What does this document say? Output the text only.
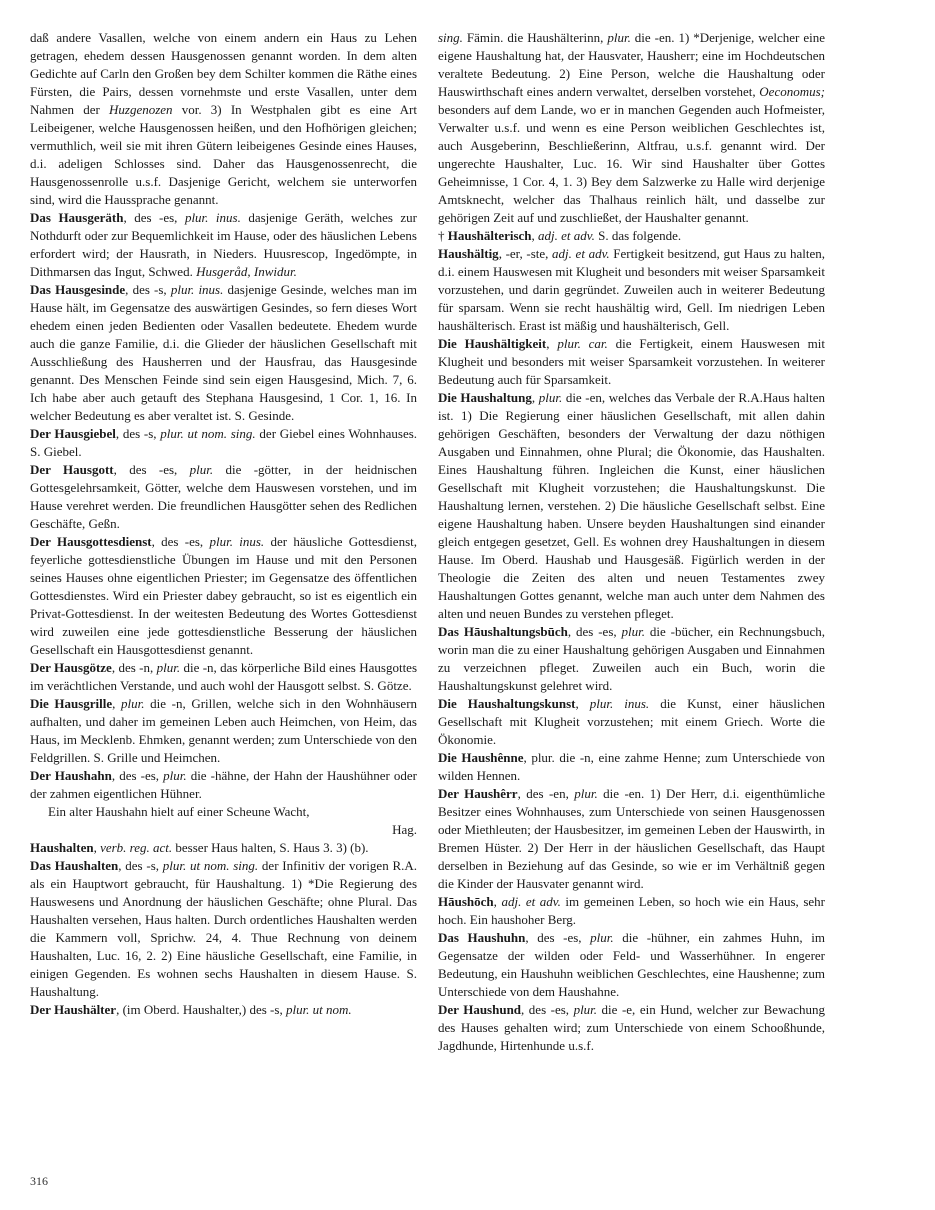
daß andere Vasallen, welche von einem andern ein Haus zu Lehen getragen, ehedem dessen Hausgenossen genannt worden. In dem alten Gedichte auf Carln den Großen bey dem Schilter kommen die Räthe eines Fürsten, die Pairs, dessen vornehmste und erste Vasallen, unter dem Nahmen der Huzgenozen vor. 3) In Westphalen gibt es eine Art Leibeigener, welche Hausgenossen heißen, und den Hofhörigen gleichen; vermuthlich, weil sie mit ihren Gütern leibeigenes Gesinde eines Hauses, d.i. adeligen Schlosses sind. Daher das Hausgenossenrecht, die Hausgenossenrolle u.s.f. Dasjenige Gericht, welchem sie unterworfen sind, wird die Haussprache genannt.

Das Hausgeräth, des -es, plur. inus. dasjenige Geräth, welches zur Nothdurft oder zur Bequemlichkeit im Hause, oder des häuslichen Lebens erfordert wird; der Hausrath, in Nieders. Huusrescop, Ingedömpte, in Dithmarsen das Ingut, Schwed. Husgeråd, Inwidur.

Das Hausgesinde, des -s, plur. inus. dasjenige Gesinde, welches man im Hause hält, im Gegensatze des auswärtigen Gesindes, so fern dieses Wort ehedem einen jeden Bedienten oder Vasallen bedeutete. Ehedem wurde auch die ganze Familie, d.i. die Glieder der häuslichen Gesellschaft mit Ausschließung des Hausherren und der Hausfrau, das Hausgesinde genannt. Des Menschen Feinde sind sein eigen Hausgesind, Mich. 7, 6. Ich habe aber auch getauft des Stephana Hausgesind, 1 Cor. 1, 16. In welcher Bedeutung es aber veraltet ist. S. Gesinde.

Der Hausgiebel, des -s, plur. ut nom. sing. der Giebel eines Wohnhauses. S. Giebel.

Der Hausgott, des -es, plur. die -götter, in der heidnischen Gottesgelehrsamkeit, Götter, welche dem Hauswesen vorstehen, und im Hause verehret werden. Die freundlichen Hausgötter sehen des Redlichen Geschäfte, Geßn.

Der Hausgottesdienst, des -es, plur. inus. der häusliche Gottesdienst, feyerliche gottesdienstliche Übungen im Hause und mit den Personen seines Hauses ohne eigentlichen Priester; im Gegensatze des öffentlichen Gottesdienstes. Wird ein Priester dabey gebraucht, so ist es eigentlich ein Privat-Gottesdienst. In der weitesten Bedeutung des Wortes Gottesdienst wird zuweilen eine jede gottesdienstliche Besserung der häuslichen Gesellschaft ein Hausgottesdienst genannt.

Der Hausgötze, des -n, plur. die -n, das körperliche Bild eines Hausgottes im verächtlichen Verstande, und auch wohl der Hausgott selbst. S. Götze.

Die Hausgrille, plur. die -n, Grillen, welche sich in den Wohnhäusern aufhalten, und daher im gemeinen Leben auch Heimchen, von Heim, das Haus, im Mecklenb. Ehmken, genannt werden; zum Unterschiede von den Feldgrillen. S. Grille und Heimchen.

Der Haushahn, des -es, plur. die -hähne, der Hahn der Haushühner oder der zahmen eigentlichen Hühner.

Ein alter Haushahn hielt auf einer Scheune Wacht,

Hag.

Haushalten, verb. reg. act. besser Haus halten, S. Haus 3. 3) (b).

Das Haushalten, des -s, plur. ut nom. sing. der Infinitiv der vorigen R.A. als ein Hauptwort gebraucht, für Haushaltung. 1) *Die Regierung des Hauswesens und Anordnung der häuslichen Geschäfte; ohne Plural. Das Haushalten versehen, Haus halten. Durch ordentliches Haushalten werden die Kammern voll, Sprichw. 24, 4. Thue Rechnung von deinem Haushalten, Luc. 16, 2. 2) Eine häusliche Gesellschaft, eine Familie, in einigen Gegenden. Es wohnen sechs Haushalten in diesem Hause. S. Haushaltung.

Der Haushälter, (im Oberd. Haushalter,) des -s, plur. ut nom.

sing. Fämin. die Haushälterinn, plur. die -en. 1) *Derjenige, welcher eine eigene Haushaltung hat, der Hausvater, Hausherr; eine im Hochdeutschen veraltete Bedeutung. 2) Eine Person, welche die Haushaltung oder Hauswirthschaft eines andern verwaltet, derselben vorstehet, Oeconomus; besonders auf dem Lande, wo er in manchen Gegenden auch Hofmeister, Verwalter u.s.f. und wenn es eine Person weiblichen Geschlechtes ist, auch Ausgeberinn, Beschließerinn, Altfrau, u.s.f. genannt wird. Der ungerechte Haushalter, Luc. 16. Wir sind Haushalter über Gottes Geheimnisse, 1 Cor. 4, 1. 3) Bey dem Salzwerke zu Halle wird derjenige Amtsknecht, welcher das Thalhaus reinlich hält, und dasselbe zur gehörigen Zeit auf und zuschließet, der Haushalter genannt.

† Haushälterisch, adj. et adv. S. das folgende.

Haushältig, -er, -ste, adj. et adv. Fertigkeit besitzend, gut Haus zu halten, d.i. einem Hauswesen mit Klugheit und besonders mit weiser Sparsamkeit vorzustehen, und darin gegründet. Zuweilen auch in weiterer Bedeutung für sparsam. Wenn sie recht haushältig wird, Gell. Im niedrigen Leben haushälterisch. Erast ist mäßig und haushälterisch, Gell.

Die Haushältigkeit, plur. car. die Fertigkeit, einem Hauswesen mit Klugheit und besonders mit weiser Sparsamkeit vorzustehen. In weiterer Bedeutung auch für Sparsamkeit.

Die Haushaltung, plur. die -en, welches das Verbale der R.A.Haus halten ist. 1) Die Regierung einer häuslichen Gesellschaft, mit allen dahin gehörigen Geschäften, besonders der Verwaltung der dazu nöthigen Ausgaben und Einnahmen, ohne Plural; die Ökonomie, das Haushalten. Eines Haushaltung führen. Ingleichen die Kunst, einer häuslichen Gesellschaft mit Klugheit vorzustehen; die Haushaltungskunst. Die Haushaltung lernen, verstehen. 2) Die häusliche Gesellschaft selbst. Eine eigene Haushaltung haben. Unsere beyden Haushaltungen sind einander gleich entgegen gesetzet, Gell. Es wohnen drey Haushaltungen in diesem Hause. Im Oberd. Haushab und Hausgesäß. Figürlich werden in der Theologie die Zeiten des alten und neuen Testamentes zwey Haushaltungen Gottes genannt, welche man auch unter dem Nahmen des alten und neuen Bundes zu verstehen pfleget.

Das Hāushaltungsbūch, des -es, plur. die -bücher, ein Rechnungsbuch, worin man die zu einer Haushaltung gehörigen Ausgaben und Einnahmen zu verzeichnen pfleget. Zuweilen auch ein Buch, worin die Haushaltungskunst gelehret wird.

Die Haushaltungskunst, plur. inus. die Kunst, einer häuslichen Gesellschaft mit Klugheit vorzustehen; mit einem Griech. Worte die Ökonomie.

Die Haushênne, plur. die -n, eine zahme Henne; zum Unterschiede von wilden Hennen.

Der Haushêrr, des -en, plur. die -en. 1) Der Herr, d.i. eigenthümliche Besitzer eines Wohnhauses, zum Unterschiede von seinen Hausgenossen oder Miethleuten; der Hausbesitzer, im gemeinen Leben der Hauswirth, in Bremen Hüster. 2) Der Herr in der häuslichen Gesellschaft, das Haupt derselben in Beziehung auf das Gesinde, so wie er im Verhältniß gegen die Kinder der Hausvater genannt wird.

Hāushōch, adj. et adv. im gemeinen Leben, so hoch wie ein Haus, sehr hoch. Ein haushoher Berg.

Das Haushuhn, des -es, plur. die -hühner, ein zahmes Huhn, im Gegensatze der wilden oder Feld- und Wasserhühner. In engerer Bedeutung, ein Haushuhn weiblichen Geschlechtes, eine Haushenne; zum Unterschiede von dem Haushahne.

Der Haushund, des -es, plur. die -e, ein Hund, welcher zur Bewachung des Hauses gehalten wird; zum Unterschiede von einem Schooßhunde, Jagdhunde, Hirtenhunde u.s.f.

316
